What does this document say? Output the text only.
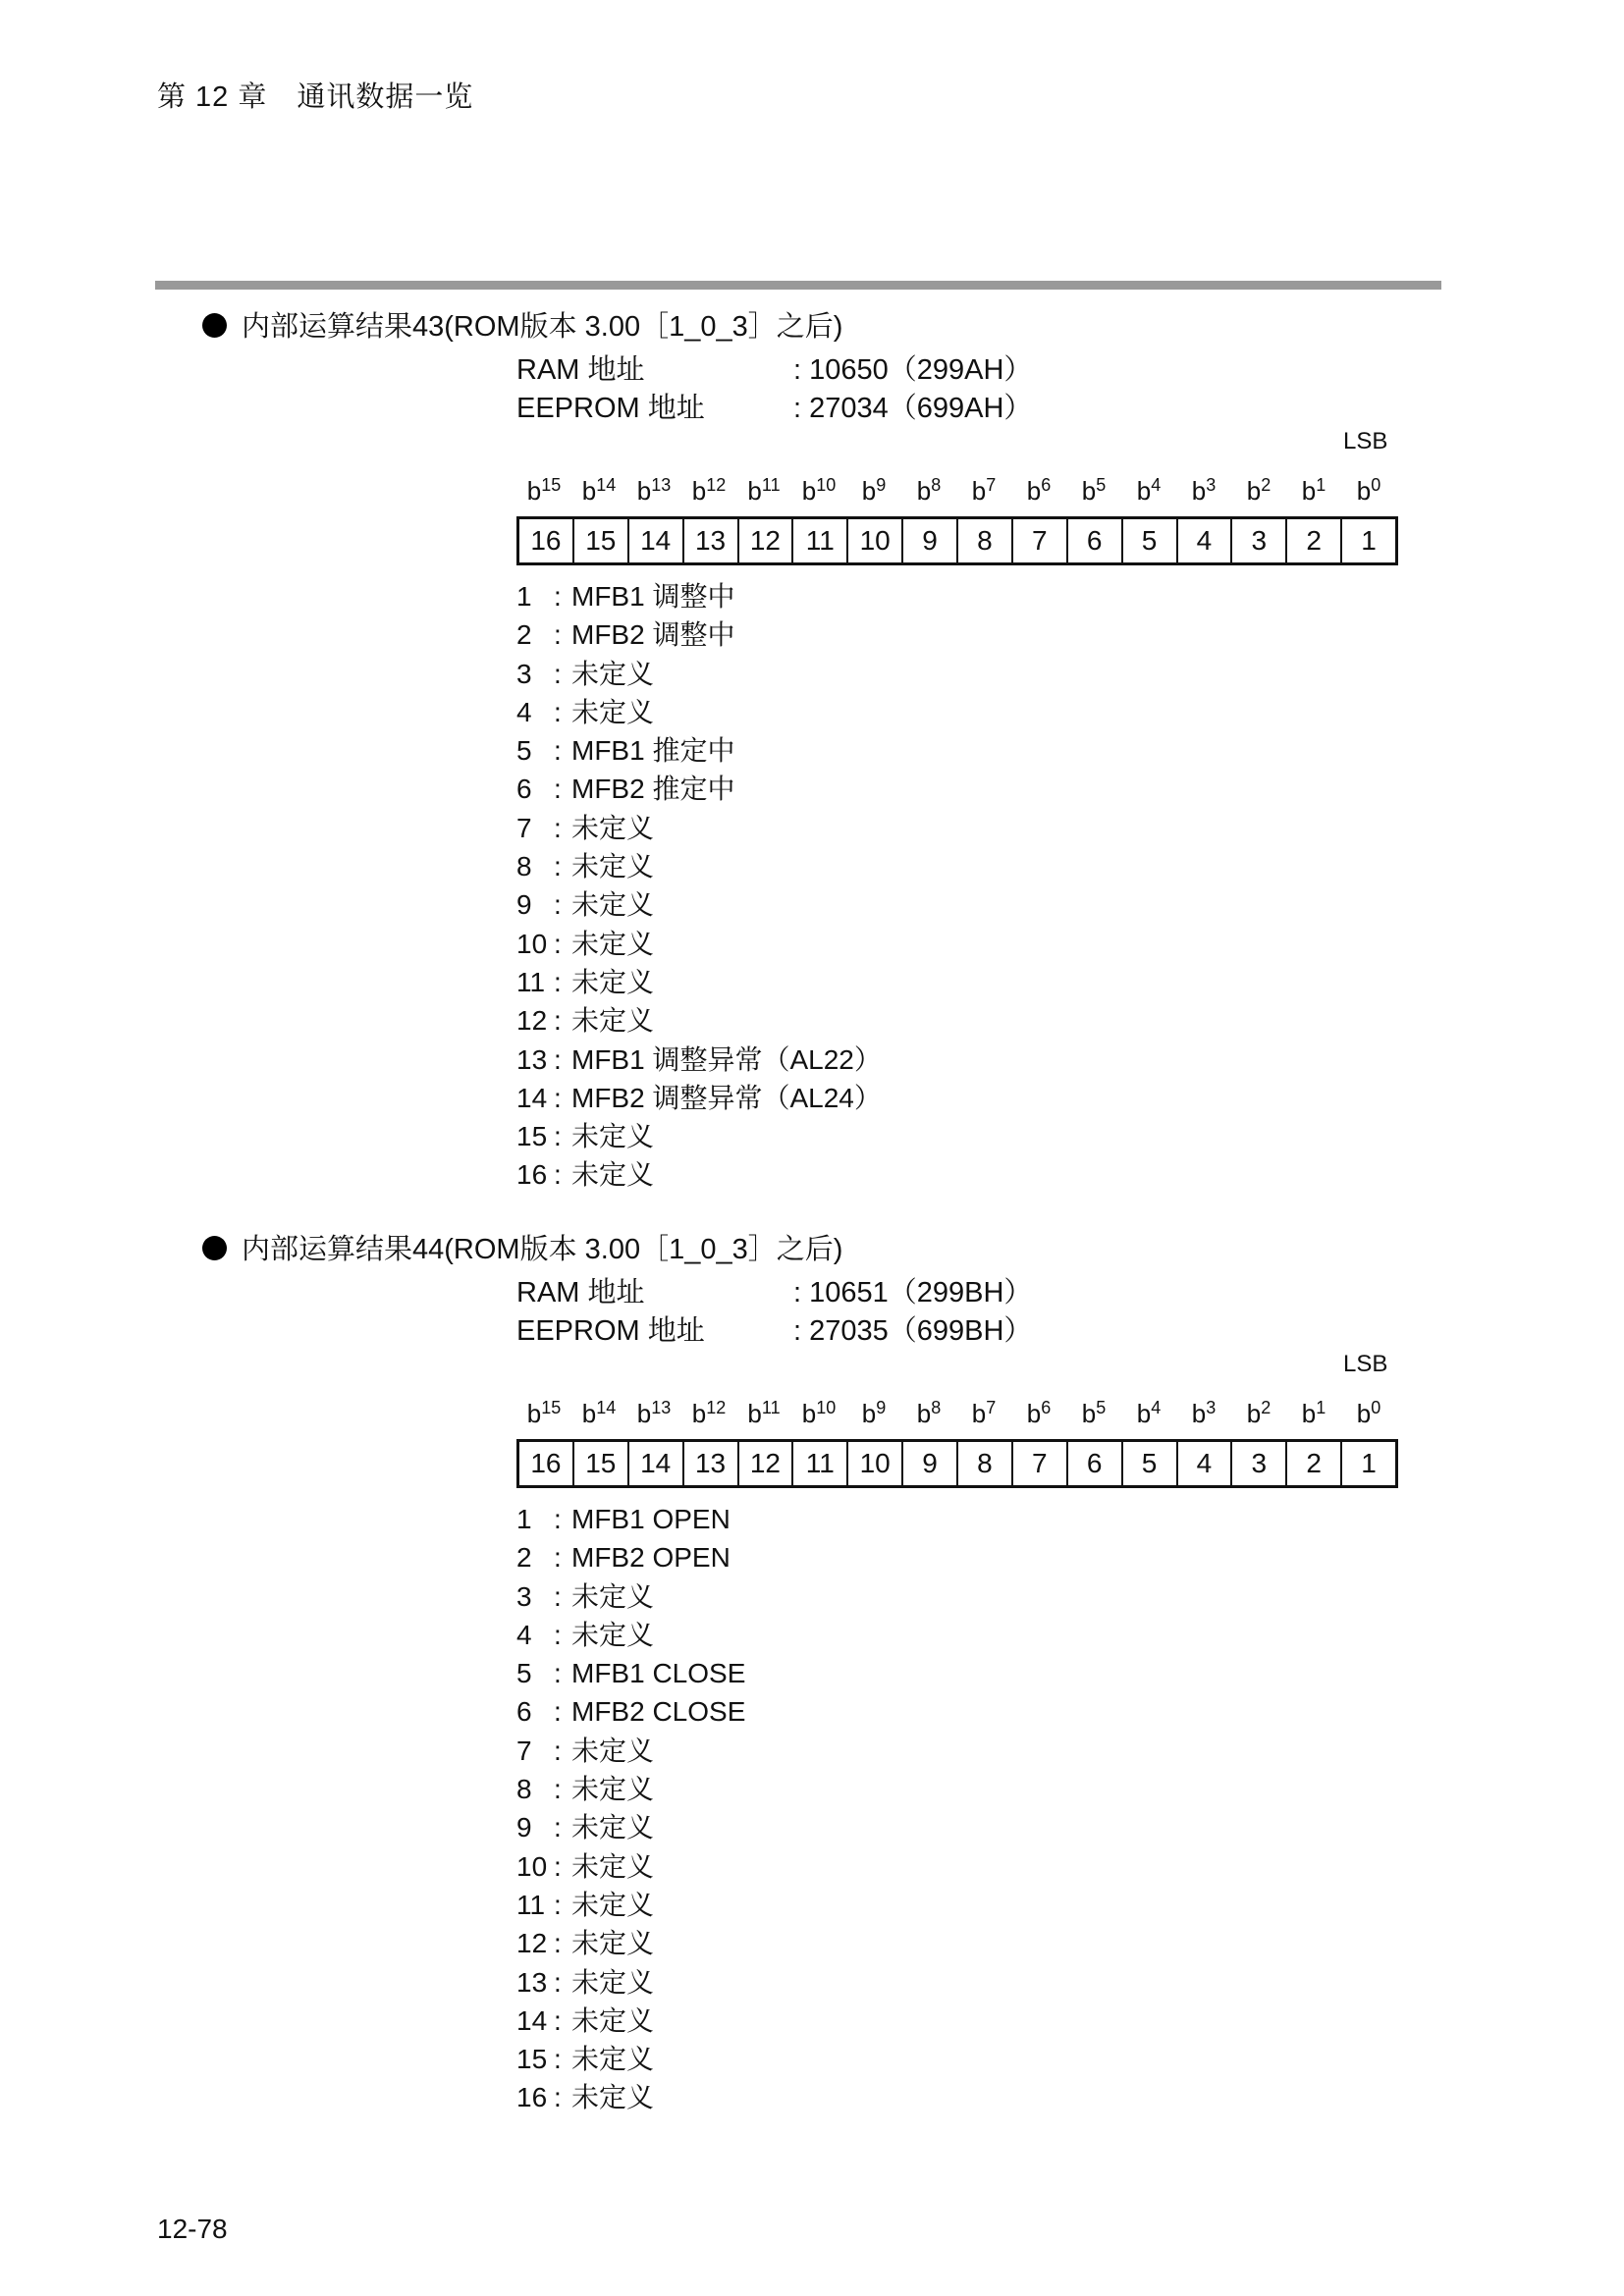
第 12 章　通讯数据一览
内部运算结果43(ROM版本 3.00［1_0_3］之后)
RAM 地址	: 10650（299AH）
EEPROM 地址	: 27034（699AH）
LSB
$b^{15}$ $b^{14}$ $b^{13}$ $b^{12}$ $b^{11}$ $b^{10}$	$b^9$	$b^8$	$b^7$	$b^6$	$b^5$	$b^4$	$b^3$	$b^2$	$b^1$	$b^0$
16 15 14 13 12 11 10	9	8	7	6	5	4	3	2	1
1 : MFB1 调整中
2 : MFB2 调整中
3 : 未定义
4 : 未定义
5 : MFB1 推定中
6 : MFB2 推定中
7 : 未定义
8 : 未定义
9 : 未定义
10 : 未定义
11 : 未定义
12 : 未定义
13 : MFB1 调整异常（AL22）
14 : MFB2 调整异常（AL24）
15 : 未定义
16 : 未定义
内部运算结果44(ROM版本 3.00［1_0_3］之后)
RAM 地址	: 10651（299BH）
EEPROM 地址	: 27035（699BH）
LSB
$b^{15}$ $b^{14}$ $b^{13}$ $b^{12}$ $b^{11}$ $b^{10}$	$b^9$	$b^8$	$b^7$	$b^6$	$b^5$	$b^4$	$b^3$	$b^2$	$b^1$	$b^0$
16 15 14 13 12 11 10	9	8	7	6	5	4	3	2	1
1 : MFB1 OPEN
2 : MFB2 OPEN
3 : 未定义
4 : 未定义
5 : MFB1 CLOSE
6 : MFB2 CLOSE
7 : 未定义
8 : 未定义
9 : 未定义
10 : 未定义
11 : 未定义
12 : 未定义
13 : 未定义
14 : 未定义
15 : 未定义
16 : 未定义
12-78
